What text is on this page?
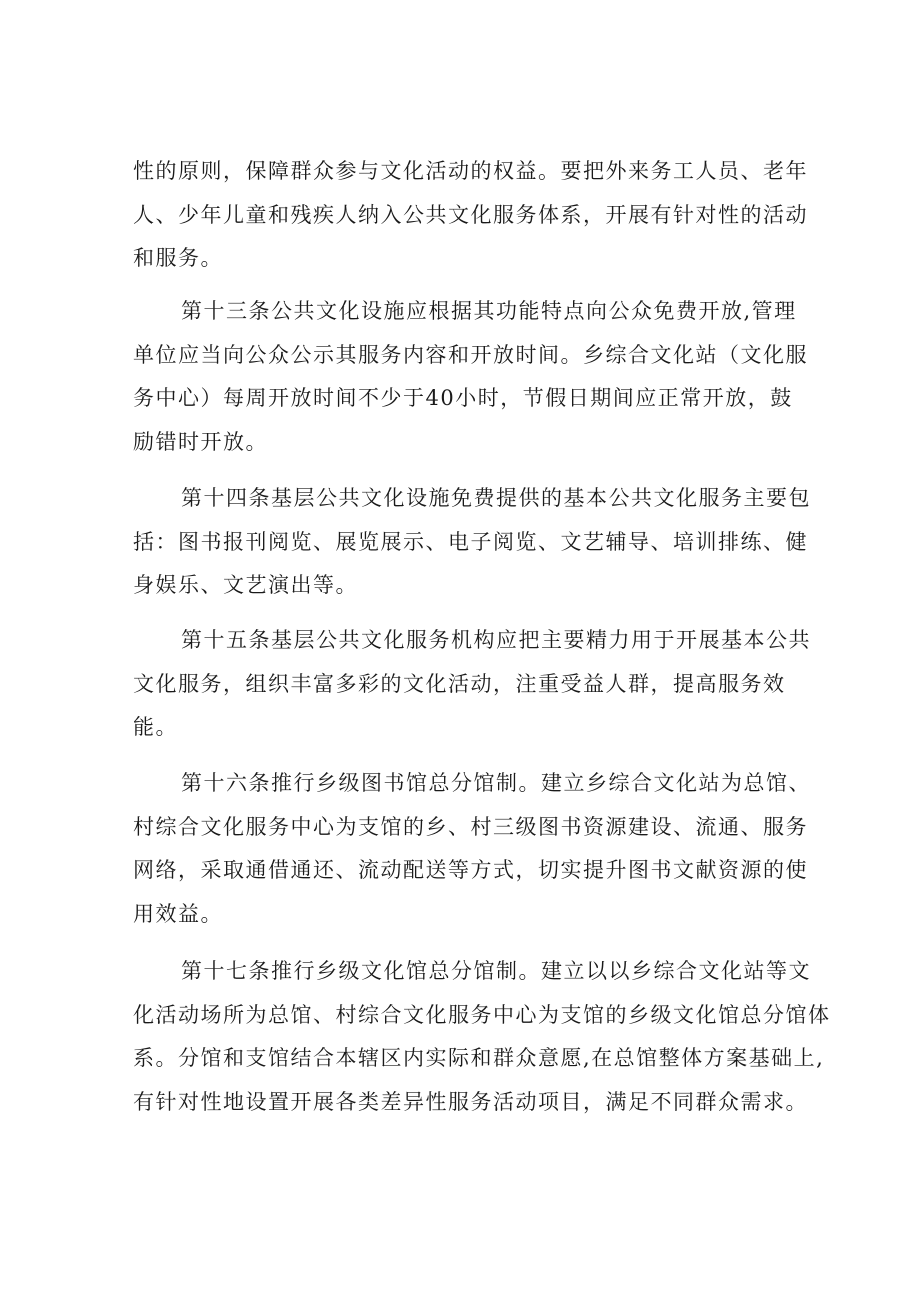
性的原则，保障群众参与文化活动的权益。要把外来务工人员、老年
人、少年儿童和残疾人纳入公共文化服务体系，开展有针对性的活动
和服务。
第十三条公共文化设施应根据其功能特点向公众免费开放,管理
单位应当向公众公示其服务内容和开放时间。乡综合文化站（文化服
务中心）每周开放时间不少于40小时，节假日期间应正常开放，鼓
励错时开放。
第十四条基层公共文化设施免费提供的基本公共文化服务主要包
括：图书报刊阅览、展览展示、电子阅览、文艺辅导、培训排练、健
身娱乐、文艺演出等。
第十五条基层公共文化服务机构应把主要精力用于开展基本公共
文化服务，组织丰富多彩的文化活动，注重受益人群，提高服务效
能。
第十六条推行乡级图书馆总分馆制。建立乡综合文化站为总馆、
村综合文化服务中心为支馆的乡、村三级图书资源建设、流通、服务
网络，采取通借通还、流动配送等方式，切实提升图书文献资源的使
用效益。
第十七条推行乡级文化馆总分馆制。建立以以乡综合文化站等文
化活动场所为总馆、村综合文化服务中心为支馆的乡级文化馆总分馆体
系。分馆和支馆结合本辖区内实际和群众意愿,在总馆整体方案基础上,
有针对性地设置开展各类差异性服务活动项目，满足不同群众需求。
